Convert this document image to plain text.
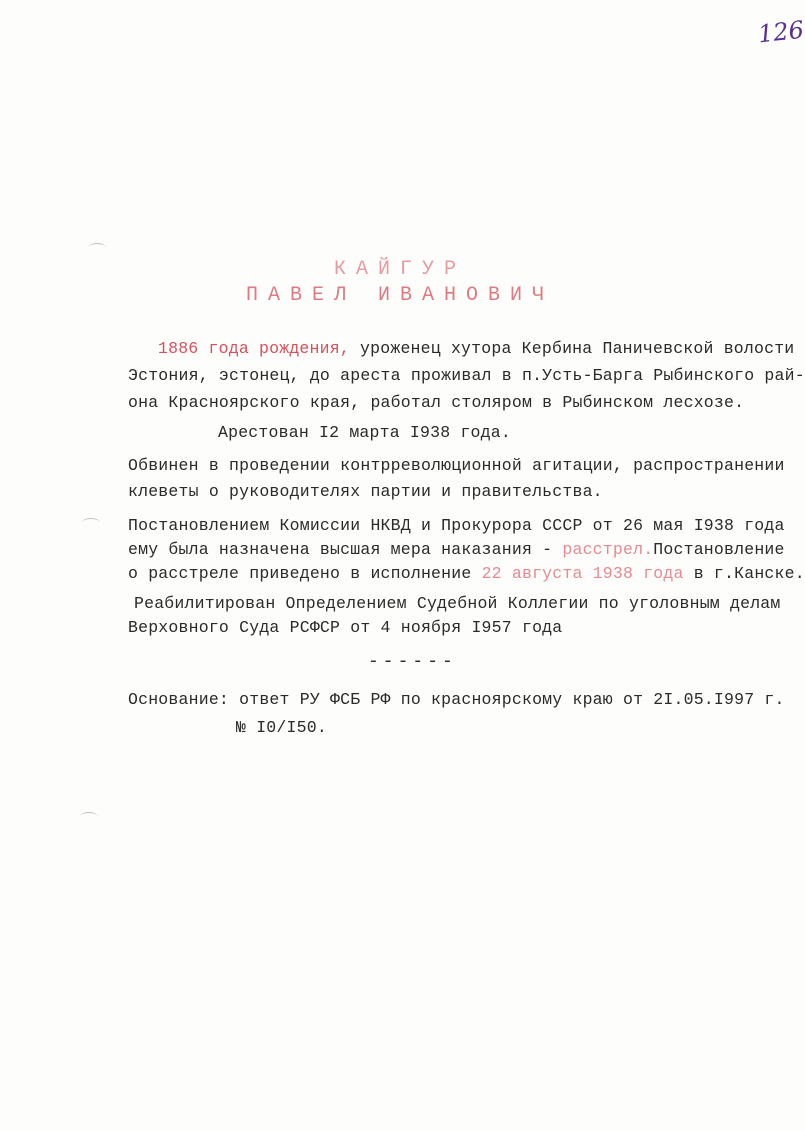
126
КАЙГУР
ПАВЕЛ ИВАНОВИЧ
1886 года рождения, уроженец хутора Кербина Паничевской волости
Эстония, эстонец, до ареста проживал в п.Усть-Барга Рыбинского рай-
она Красноярского края, работал столяром в Рыбинском лесхозе.
Арестован I2 марта I938 года.
Обвинен в проведении контрреволюционной агитации, распространении
клеветы о руководителях партии и правительства.
Постановлением Комиссии НКВД и Прокурора СССР от 26 мая I938 года
ему была назначена высшая мера наказания - расстрел.Постановление
о расстреле приведено в исполнение 22 августа 1938 года в г.Канске.
Реабилитирован Определением Судебной Коллегии по уголовным делам
Верховного Суда РСФСР от 4 ноября I957 года
------
Основание: ответ РУ ФСБ РФ по красноярскому краю от 2I.05.I997 г.
№ I0/I50.
